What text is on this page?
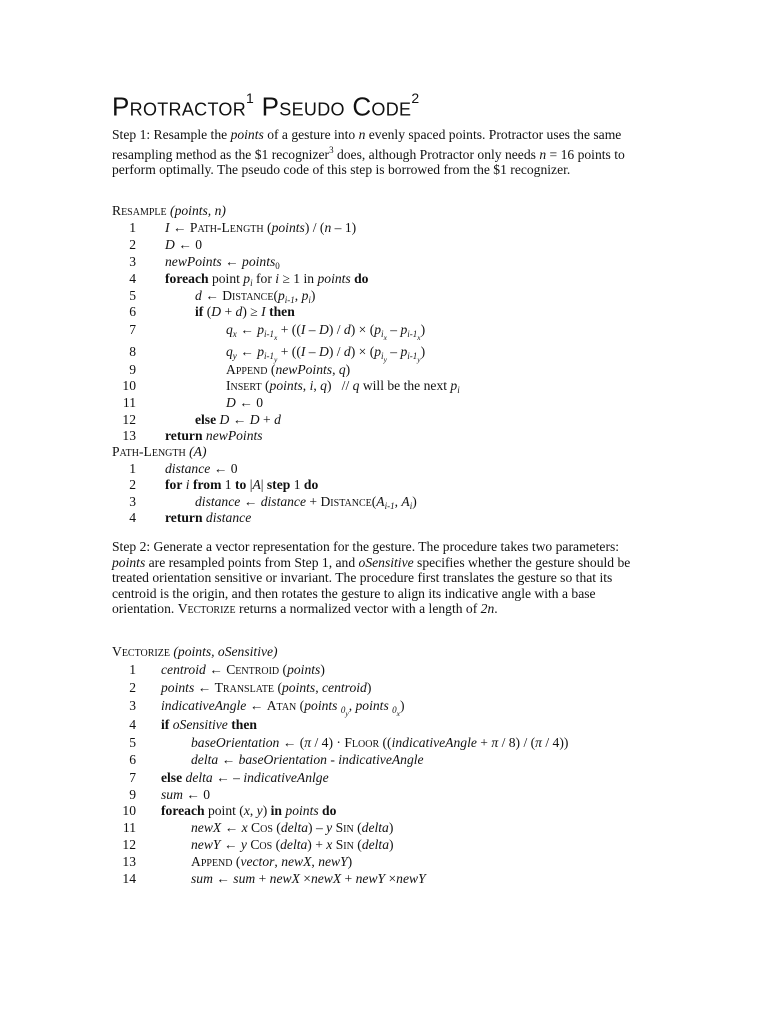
Protractor$^1$ Pseudo Code$^2$
Step 1: Resample the points of a gesture into n evenly spaced points. Protractor uses the same resampling method as the $1 recognizer$^3$ does, although Protractor only needs n = 16 points to perform optimally. The pseudo code of this step is borrowed from the $1 recognizer.
Resample (points, n)
1 I ← Path-Length (points) / (n – 1)
2 D ← 0
3 newPoints ← points$_0$
4 foreach point $p_i$ for i ≥ 1 in points do
5	d ← $Distance(p_{i-1}$, $p_i$)
6	if (D + d) ≥ I then
7	$q_x$ ← $p_{i-1_x} + ((I - D) / d) \times (p_{i_x} - p_{i-1_x})$
8	$q_y$ ← $p_{i-1_y} + ((I - D) / d) \times (p_{i_y} - p_{i-1_y})$
9	Append (newPoints, q)
10	Insert (points, i, q)   // q will be the next $p_i$
11	D ← 0
12	else D ← D + d
13 return newPoints
Path-Length (A)
1 distance ← 0
2 for i from 1 to |A| step 1 do
3	distance ← distance + $Distance(A_{i-1}$, $A_i$)
4 return distance
Step 2: Generate a vector representation for the gesture. The procedure takes two parameters: points are resampled points from Step 1, and oSensitive specifies whether the gesture should be treated orientation sensitive or invariant. The procedure first translates the gesture so that its centroid is the origin, and then rotates the gesture to align its indicative angle with a base orientation. Vectorize returns a normalized vector with a length of 2n.
Vectorize (points, oSensitive)
1 centroid ← Centroid (points)
2 points ← Translate (points, centroid)
3 indicativeAngle ← Atan (points $_{0_y}$, points $_{0_x}$)
4 if oSensitive then
5	baseOrientation ← (π / 4) · Floor ((indicativeAngle + π / 8) / (π / 4))
6	delta ← baseOrientation - indicativeAngle
7 else delta ← – indicativeAnlge
9 sum ← 0
10 foreach point (x, y) in points do
11	newX ← x Cos (delta) – y Sin (delta)
12	newY ← y Cos (delta) + x Sin (delta)
13	Append (vector, newX, newY)
14	sum ← sum + newX ×newX + newY ×newY
